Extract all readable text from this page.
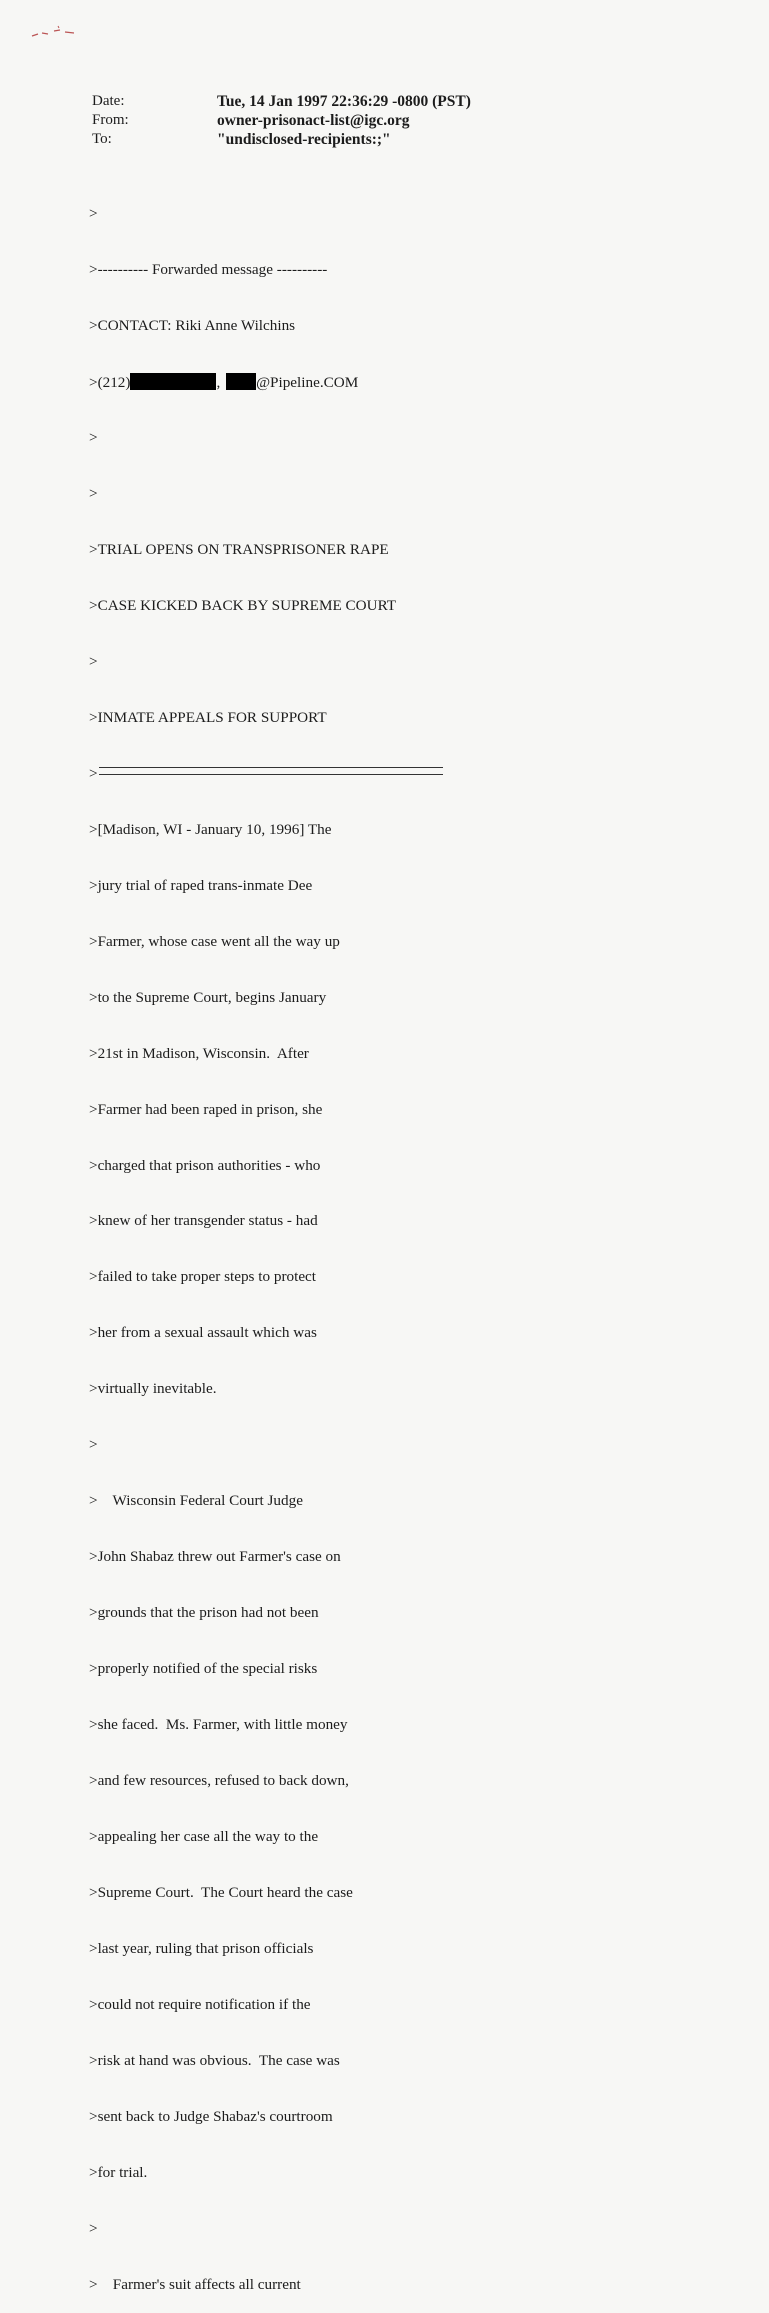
Date:	Tue, 14 Jan 1997 22:36:29 -0800 (PST)
From:	owner-prisonact-list@igc.org
To:	"undisclosed-recipients:;"

>

>---------- Forwarded message ----------

>CONTACT: Riki Anne Wilchins

>(212)	, @Pipeline.COM

>

>

>TRIAL OPENS ON TRANSPRISONER RAPE

>CASE KICKED BACK BY SUPREME COURT

>

>INMATE APPEALS FOR SUPPORT

>

>[Madison, WI - January 10, 1996] The

>jury trial of raped trans-inmate Dee

>Farmer, whose case went all the way up

>to the Supreme Court, begins January

>21st in Madison, Wisconsin.  After

>Farmer had been raped in prison, she

>charged that prison authorities - who

>knew of her transgender status - had

>failed to take proper steps to protect

>her from a sexual assault which was

>virtually inevitable.

>

>    Wisconsin Federal Court Judge

>John Shabaz threw out Farmer's case on

>grounds that the prison had not been

>properly notified of the special risks

>she faced.  Ms. Farmer, with little money

>and few resources, refused to back down,

>appealing her case all the way to the

>Supreme Court.  The Court heard the case

>last year, ruling that prison officials

>could not require notification if the

>risk at hand was obvious.  The case was

>sent back to Judge Shabaz's courtroom

>for trial.

>

>    Farmer's suit affects all current
